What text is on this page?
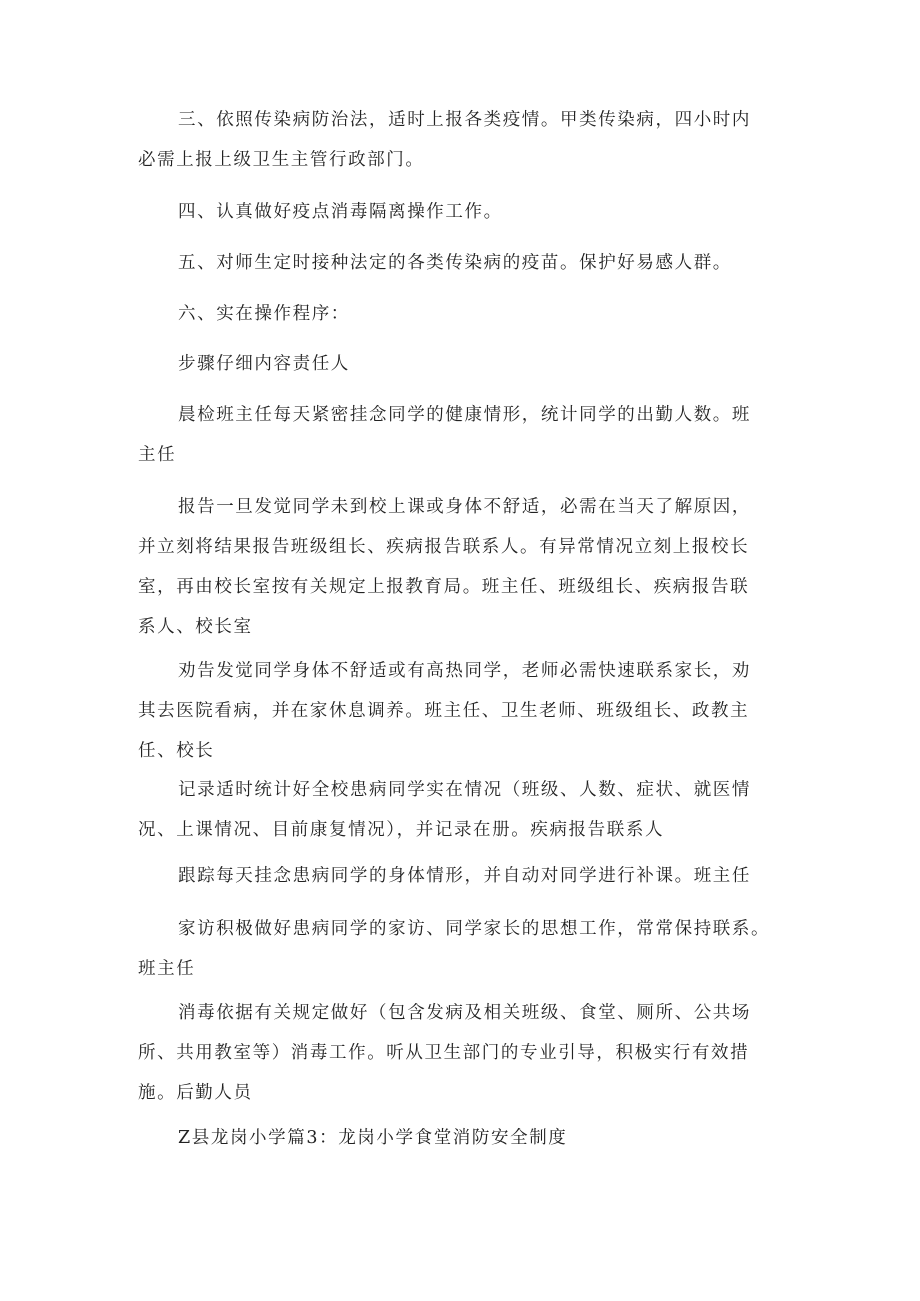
三、依照传染病防治法，适时上报各类疫情。甲类传染病，四小时内
必需上报上级卫生主管行政部门。

四、认真做好疫点消毒隔离操作工作。

五、对师生定时接种法定的各类传染病的疫苗。保护好易感人群。

六、实在操作程序：

步骤仔细内容责任人

晨检班主任每天紧密挂念同学的健康情形，统计同学的出勤人数。班
主任

报告一旦发觉同学未到校上课或身体不舒适，必需在当天了解原因，
并立刻将结果报告班级组长、疾病报告联系人。有异常情况立刻上报校长
室，再由校长室按有关规定上报教育局。班主任、班级组长、疾病报告联
系人、校长室

劝告发觉同学身体不舒适或有高热同学，老师必需快速联系家长，劝
其去医院看病，并在家休息调养。班主任、卫生老师、班级组长、政教主
任、校长

记录适时统计好全校患病同学实在情况（班级、人数、症状、就医情
况、上课情况、目前康复情况），并记录在册。疾病报告联系人

跟踪每天挂念患病同学的身体情形，并自动对同学进行补课。班主任

家访积极做好患病同学的家访、同学家长的思想工作，常常保持联系。
班主任

消毒依据有关规定做好（包含发病及相关班级、食堂、厕所、公共场
所、共用教室等）消毒工作。听从卫生部门的专业引导，积极实行有效措
施。后勤人员

Z县龙岗小学篇3：龙岗小学食堂消防安全制度
